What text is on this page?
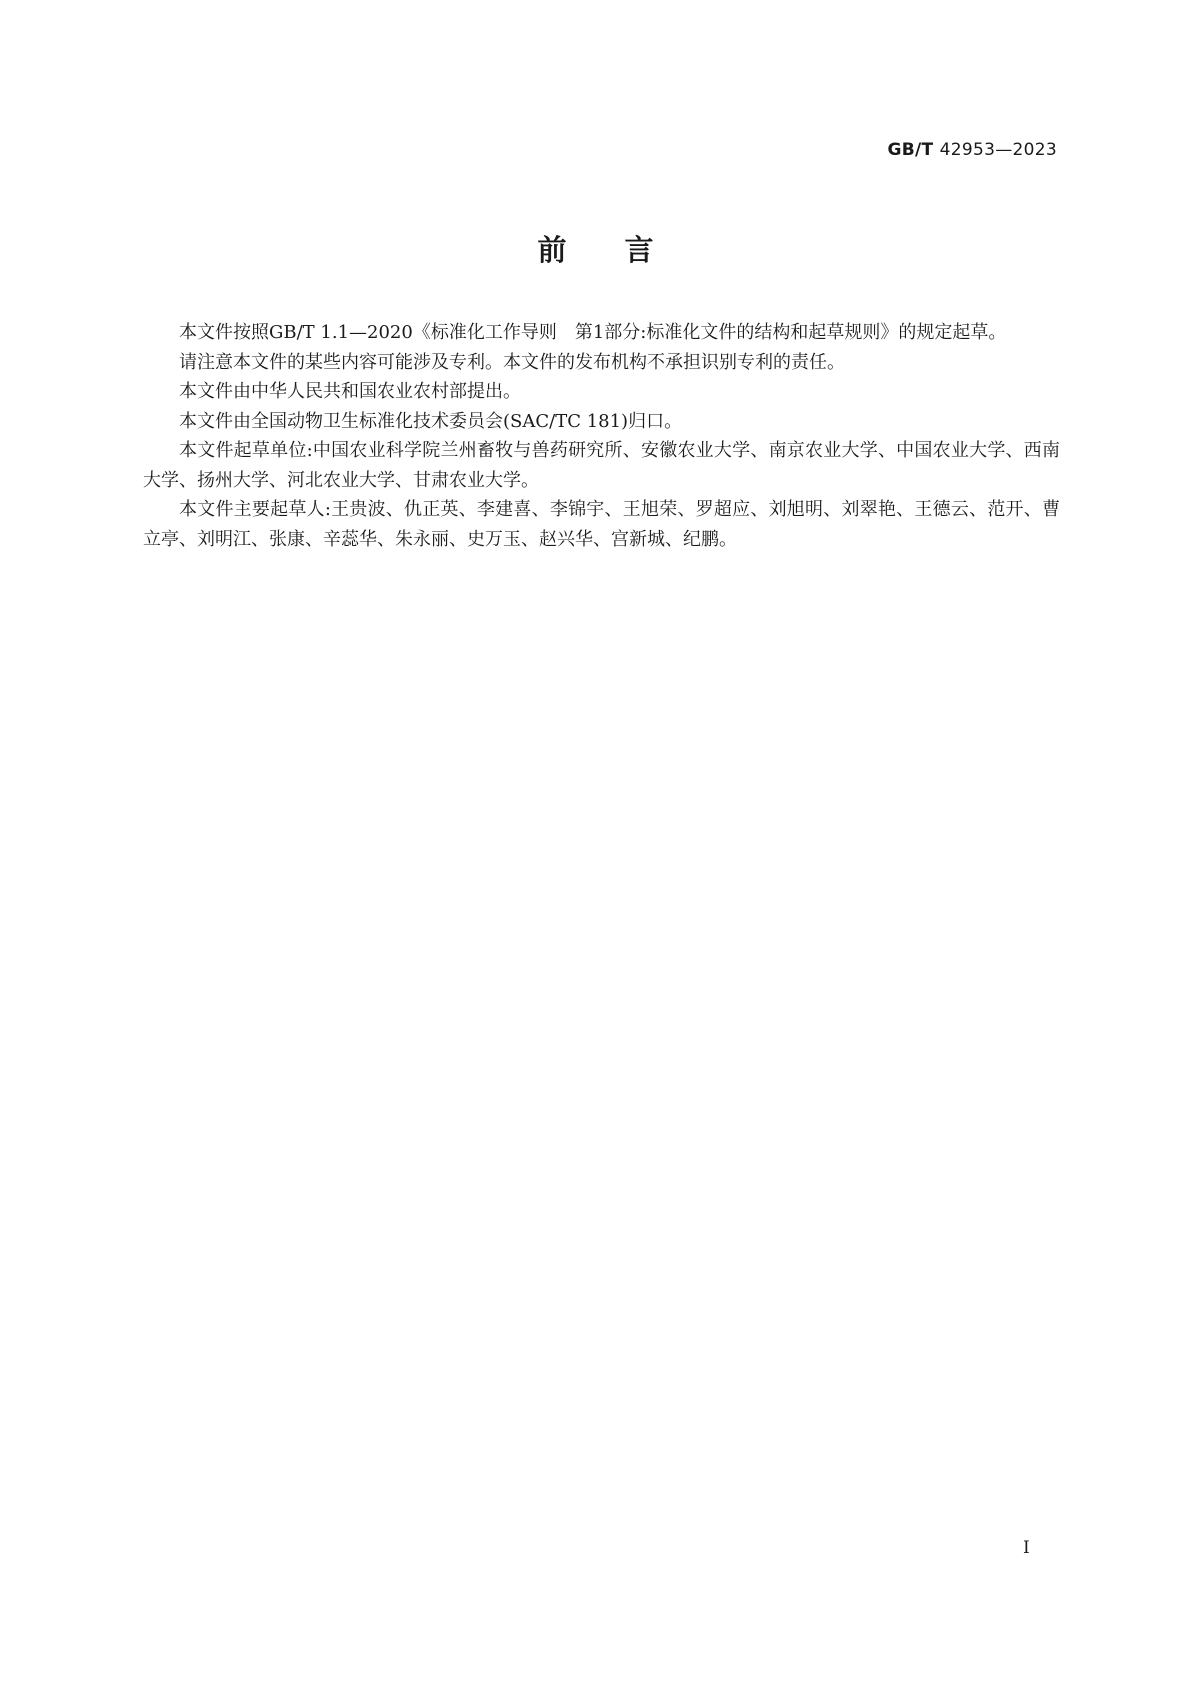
GB/T 42953—2023
前 言

本文件按照GB/T 1.1—2020《标准化工作导则　第1部分:标准化文件的结构和起草规则》的规定起草。

请注意本文件的某些内容可能涉及专利。本文件的发布机构不承担识别专利的责任。

本文件由中华人民共和国农业农村部提出。

本文件由全国动物卫生标准化技术委员会(SAC/TC 181)归口。

本文件起草单位:中国农业科学院兰州畜牧与兽药研究所、安徽农业大学、南京农业大学、中国农业大学、西南大学、扬州大学、河北农业大学、甘肃农业大学。

本文件主要起草人:王贵波、仇正英、李建喜、李锦宇、王旭荣、罗超应、刘旭明、刘翠艳、王德云、范开、曹立亭、刘明江、张康、辛蕊华、朱永丽、史万玉、赵兴华、宫新城、纪鹏。

I
